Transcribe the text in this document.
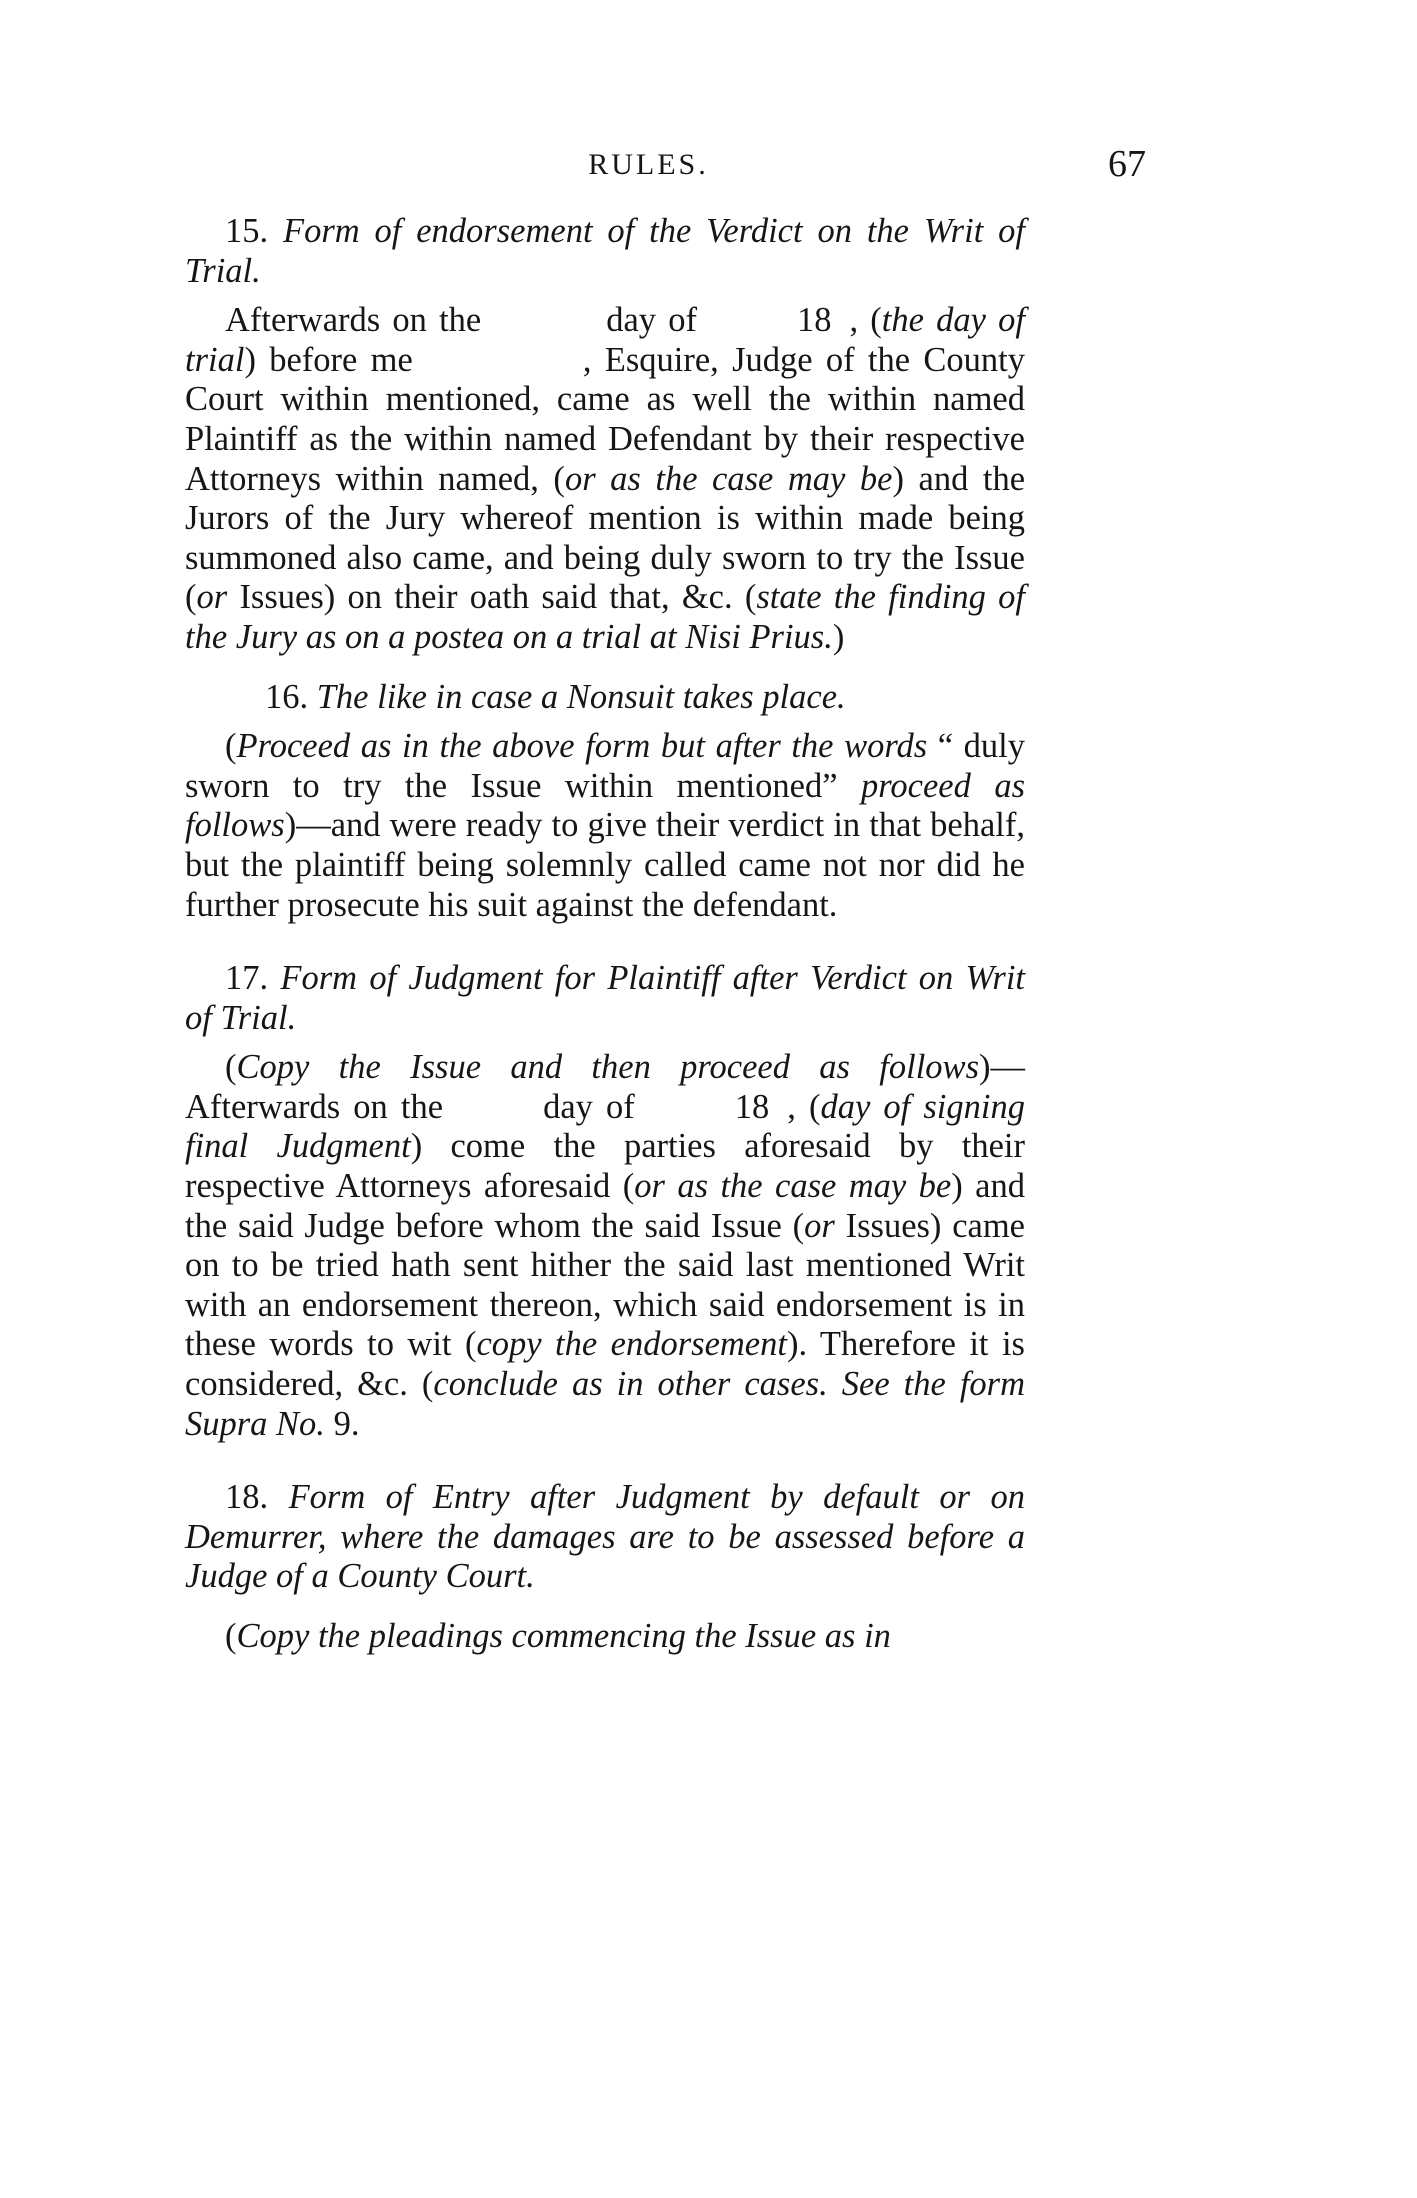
RULES.	67

15. Form of endorsement of the Verdict on the Writ of Trial.

Afterwards on the	day of	18 , (the day of trial) before me	, Esquire, Judge of the County Court within mentioned, came as well the within named Plaintiff as the within named Defendant by their respective Attorneys within named, (or as the case may be) and the Jurors of the Jury whereof mention is within made being summoned also came, and being duly sworn to try the Issue (or Issues) on their oath said that, &c. (state the finding of the Jury as on a postea on a trial at Nisi Prius.)

16. The like in case a Nonsuit takes place.

(Proceed as in the above form but after the words “ duly sworn to try the Issue within mentioned” proceed as follows)—and were ready to give their verdict in that behalf, but the plaintiff being solemnly called came not nor did he further prosecute his suit against the defendant.

17. Form of Judgment for Plaintiff after Verdict on Writ of Trial.

(Copy the Issue and then proceed as follows)— Afterwards on the	day of	18 , (day of signing final Judgment) come the parties aforesaid by their respective Attorneys aforesaid (or as the case may be) and the said Judge before whom the said Issue (or Issues) came on to be tried hath sent hither the said last mentioned Writ with an endorsement thereon, which said endorsement is in these words to wit (copy the endorsement). Therefore it is considered, &c. (conclude as in other cases. See the form Supra No. 9.

18. Form of Entry after Judgment by default or on Demurrer, where the damages are to be assessed before a Judge of a County Court.

(Copy the pleadings commencing the Issue as in
